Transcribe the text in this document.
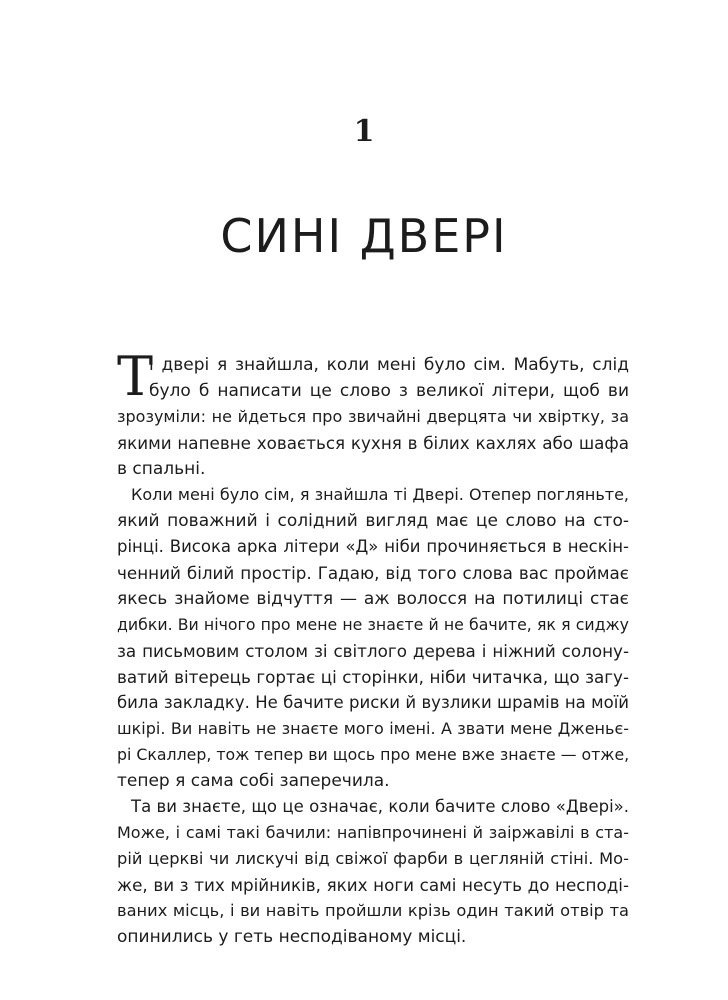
1
СИНІ ДВЕРІ
Т
і двері я знайшла, коли мені було сім. Мабуть, слід
було б написати це слово з великої літери, щоб ви
зрозуміли: не йдеться про звичайні дверцята чи хвіртку, за
якими напевне ховається кухня в білих кахлях або шафа
в спальні.
Коли мені було сім, я знайшла ті Двері. Отепер погляньте,
який поважний і солідний вигляд має це слово на сто-
рінці. Висока арка літери «Д» ніби прочиняється в нескін-
ченний білий простір. Гадаю, від того слова вас проймає
якесь знайоме відчуття — аж волосся на потилиці стає
дибки. Ви нічого про мене не знаєте й не бачите, як я сиджу
за письмовим столом зі світлого дерева і ніжний солону-
ватий вітерець гортає ці сторінки, ніби читачка, що загу-
била закладку. Не бачите риски й вузлики шрамів на моїй
шкірі. Ви навіть не знаєте мого імені. А звати мене Дженьє-
рі Скаллер, тож тепер ви щось про мене вже знаєте — отже,
тепер я сама собі заперечила.
Та ви знаєте, що це означає, коли бачите слово «Двері».
Може, і самі такі бачили: напівпрочинені й заіржавілі в ста-
рій церкві чи лискучі від свіжої фарби в цегляній стіні. Мо-
же, ви з тих мрійників, яких ноги самі несуть до несподі-
ваних місць, і ви навіть пройшли крізь один такий отвір та
опинились у геть несподіваному місці.
